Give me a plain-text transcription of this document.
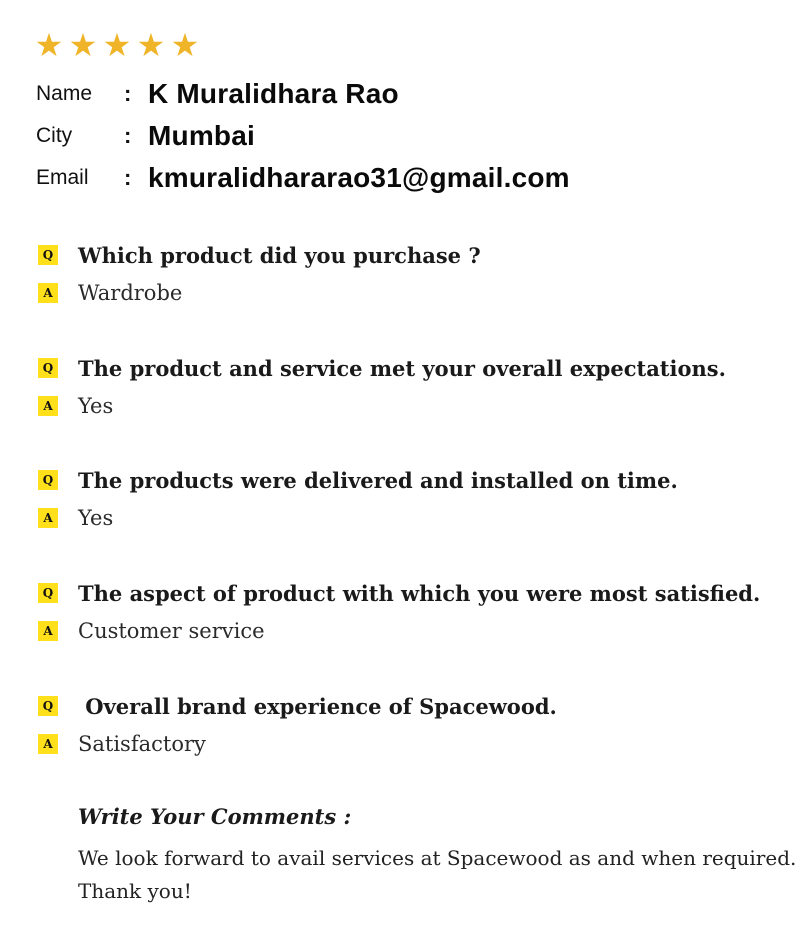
★ ★ ★ ★ ★
Name	: K Muralidhara Rao
City	: Mumbai
Email	: kmuralidhararao31@gmail.com
Q Which product did you purchase ?
A Wardrobe
Q The product and service met your overall expectations.
A Yes
Q The products were delivered and installed on time.
A Yes
Q The aspect of product with which you were most satisfied.
A Customer service
Q Overall brand experience of Spacewood.
A Satisfactory
Write Your Comments :
We look forward to avail services at Spacewood as and when required. Thank you!
